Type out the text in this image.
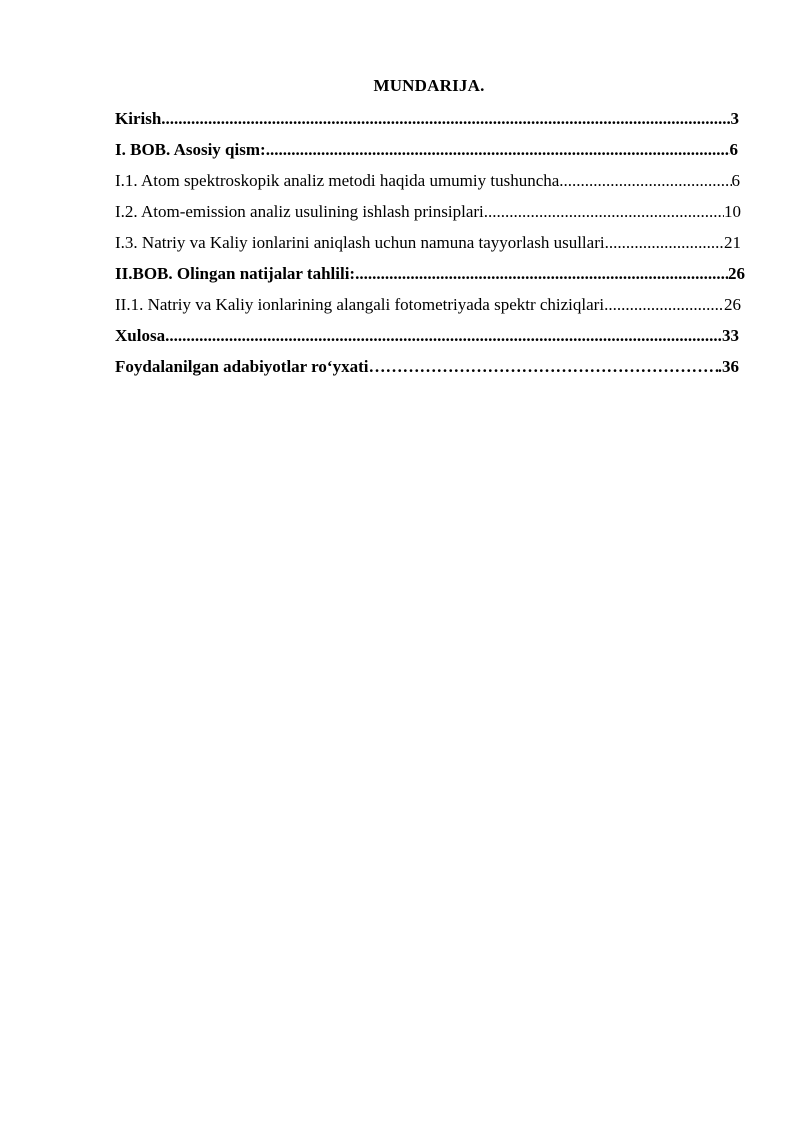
MUNDARIJA.
Kirish .....	3
I. BOB. Asosiy qism: .....	6
I.1. Atom spektroskopik analiz metodi haqida umumiy tushuncha .....	6
I.2. Atom-emission analiz usulining ishlash prinsiplari .....	10
I.3. Natriy va Kaliy ionlarini aniqlash uchun namuna tayyorlash usullari .....	21
II.BOB. Olingan natijalar tahlili: .....	26
II.1. Natriy va Kaliy ionlarining alangali fotometriyada spektr chiziqlari .....	26
Xulosa .....	33
Foydalanilgan adabiyotlar ro‘yxati …………………………………………………………………………………………………………………………………………	.36
